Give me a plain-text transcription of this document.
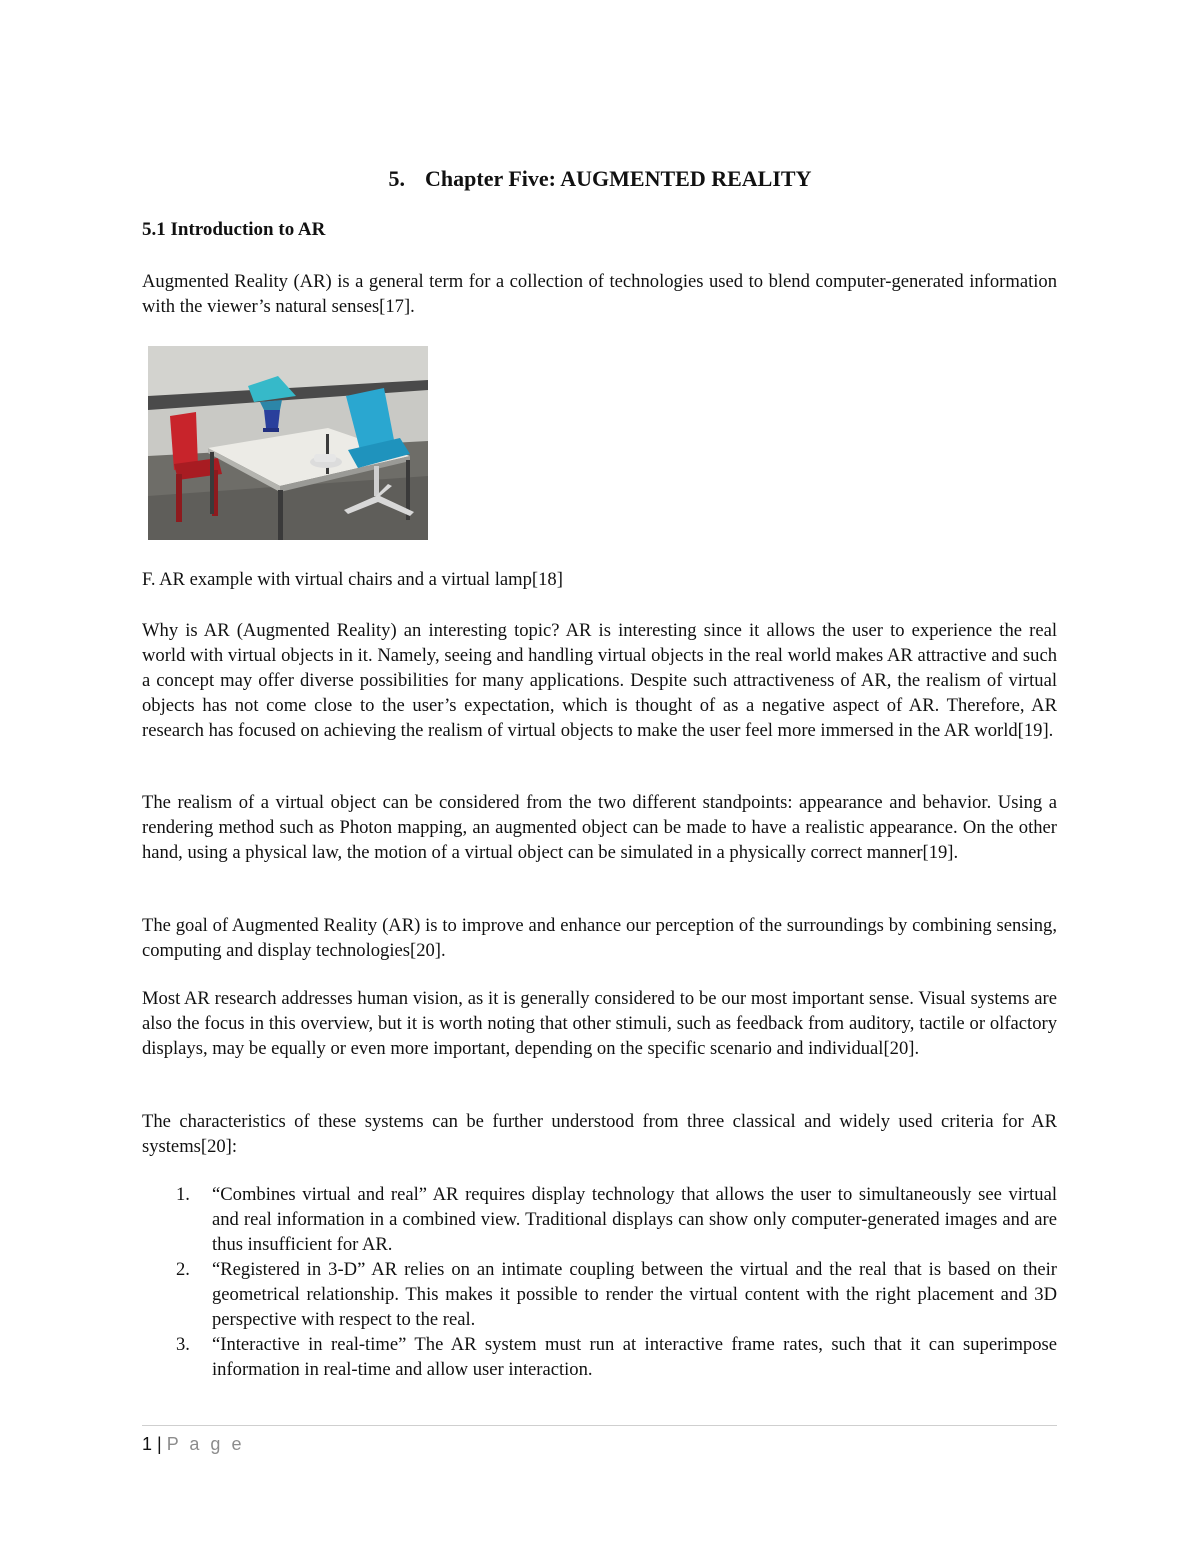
5. Chapter Five: AUGMENTED REALITY
5.1 Introduction to AR

Augmented Reality (AR) is a general term for a collection of technologies used to blend computer-generated information with the viewer’s natural senses[17].

F. AR example with virtual chairs and a virtual lamp[18]

Why is AR (Augmented Reality) an interesting topic? AR is interesting since it allows the user to experience the real world with virtual objects in it. Namely, seeing and handling virtual objects in the real world makes AR attractive and such a concept may offer diverse possibilities for many applications. Despite such attractiveness of AR, the realism of virtual objects has not come close to the user’s expectation, which is thought of as a negative aspect of AR. Therefore, AR research has focused on achieving the realism of virtual objects to make the user feel more immersed in the AR world[19].

The realism of a virtual object can be considered from the two different standpoints: appearance and behavior. Using a rendering method such as Photon mapping, an augmented object can be made to have a realistic appearance. On the other hand, using a physical law, the motion of a virtual object can be simulated in a physically correct manner[19].

The goal of Augmented Reality (AR) is to improve and enhance our perception of the surroundings by combining sensing, computing and display technologies[20].

Most AR research addresses human vision, as it is generally considered to be our most important sense. Visual systems are also the focus in this overview, but it is worth noting that other stimuli, such as feedback from auditory, tactile or olfactory displays, may be equally or even more important, depending on the specific scenario and individual[20].

The characteristics of these systems can be further understood from three classical and widely used criteria for AR systems[20]:

1. “Combines virtual and real” AR requires display technology that allows the user to simultaneously see virtual and real information in a combined view. Traditional displays can show only computer-generated images and are thus insufficient for AR.
2. “Registered in 3-D” AR relies on an intimate coupling between the virtual and the real that is based on their geometrical relationship. This makes it possible to render the virtual content with the right placement and 3D perspective with respect to the real.
3. “Interactive in real-time” The AR system must run at interactive frame rates, such that it can superimpose information in real-time and allow user interaction.
1 | P a g e
